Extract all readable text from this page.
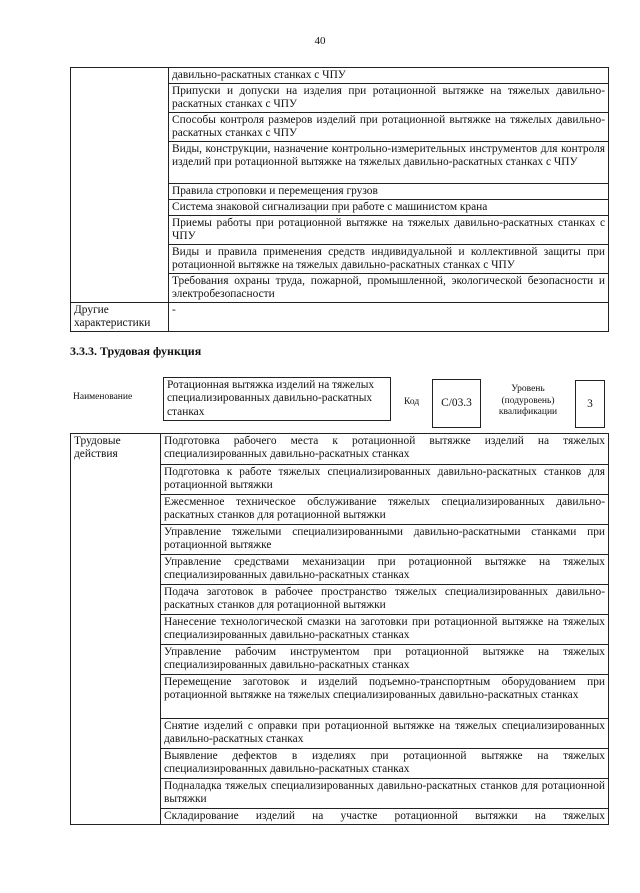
40
	давильно-раскатных станках с ЧПУ
	Припуски и допуски на изделия при ротационной вытяжке на тяжелых давильно-раскатных станках с ЧПУ
	Способы контроля размеров изделий при ротационной вытяжке на тяжелых давильно-раскатных станках с ЧПУ
	Виды, конструкции, назначение контрольно-измерительных инструментов для контроля изделий при ротационной вытяжке на тяжелых давильно-раскатных станках с ЧПУ
	Правила строповки и перемещения грузов
	Система знаковой сигнализации при работе с машинистом крана
	Приемы работы при ротационной вытяжке на тяжелых давильно-раскатных станках с ЧПУ
	Виды и правила применения средств индивидуальной и коллективной защиты при ротационной вытяжке на тяжелых давильно-раскатных станках с ЧПУ
	Требования охраны труда, пожарной, промышленной, экологической безопасности и электробезопасности
Другие характеристики	-
3.3.3. Трудовая функция
Наименование
Ротационная вытяжка изделий на тяжелых специализированных давильно-раскатных станках
Код	C/03.3
Уровень (подуровень) квалификации
3
Трудовые действия	Подготовка рабочего места к ротационной вытяжке изделий на тяжелых специализированных давильно-раскатных станках
Подготовка к работе тяжелых специализированных давильно-раскатных станков для ротационной вытяжки
Ежесменное техническое обслуживание тяжелых специализированных давильно-раскатных станков для ротационной вытяжки
Управление тяжелыми специализированными давильно-раскатными станками при ротационной вытяжке
Управление средствами механизации при ротационной вытяжке на тяжелых специализированных давильно-раскатных станках
Подача заготовок в рабочее пространство тяжелых специализированных давильно-раскатных станков для ротационной вытяжки
Нанесение технологической смазки на заготовки при ротационной вытяжке на тяжелых специализированных давильно-раскатных станках
Управление рабочим инструментом при ротационной вытяжке на тяжелых специализированных давильно-раскатных станках
Перемещение заготовок и изделий подъемно-транспортным оборудованием при ротационной вытяжке на тяжелых специализированных давильно-раскатных станках
Снятие изделий с оправки при ротационной вытяжке на тяжелых специализированных давильно-раскатных станках
Выявление дефектов в изделиях при ротационной вытяжке на тяжелых специализированных давильно-раскатных станках
Подналадка тяжелых специализированных давильно-раскатных станков для ротационной вытяжки
Складирование изделий на участке ротационной вытяжки на тяжелых
